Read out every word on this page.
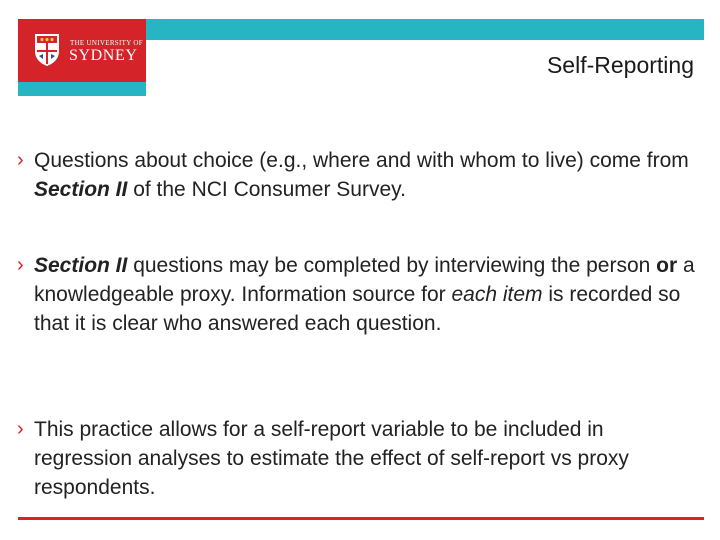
THE UNIVERSITY OF
SYDNEY	Self-Reporting
› Questions about choice (e.g., where and with whom to live) come from Section II of the NCI Consumer Survey.
› Section II questions may be completed by interviewing the person or a knowledgeable proxy. Information source for each item is recorded so that it is clear who answered each question.
› This practice allows for a self-report variable to be included in regression analyses to estimate the effect of self-report vs proxy respondents.
